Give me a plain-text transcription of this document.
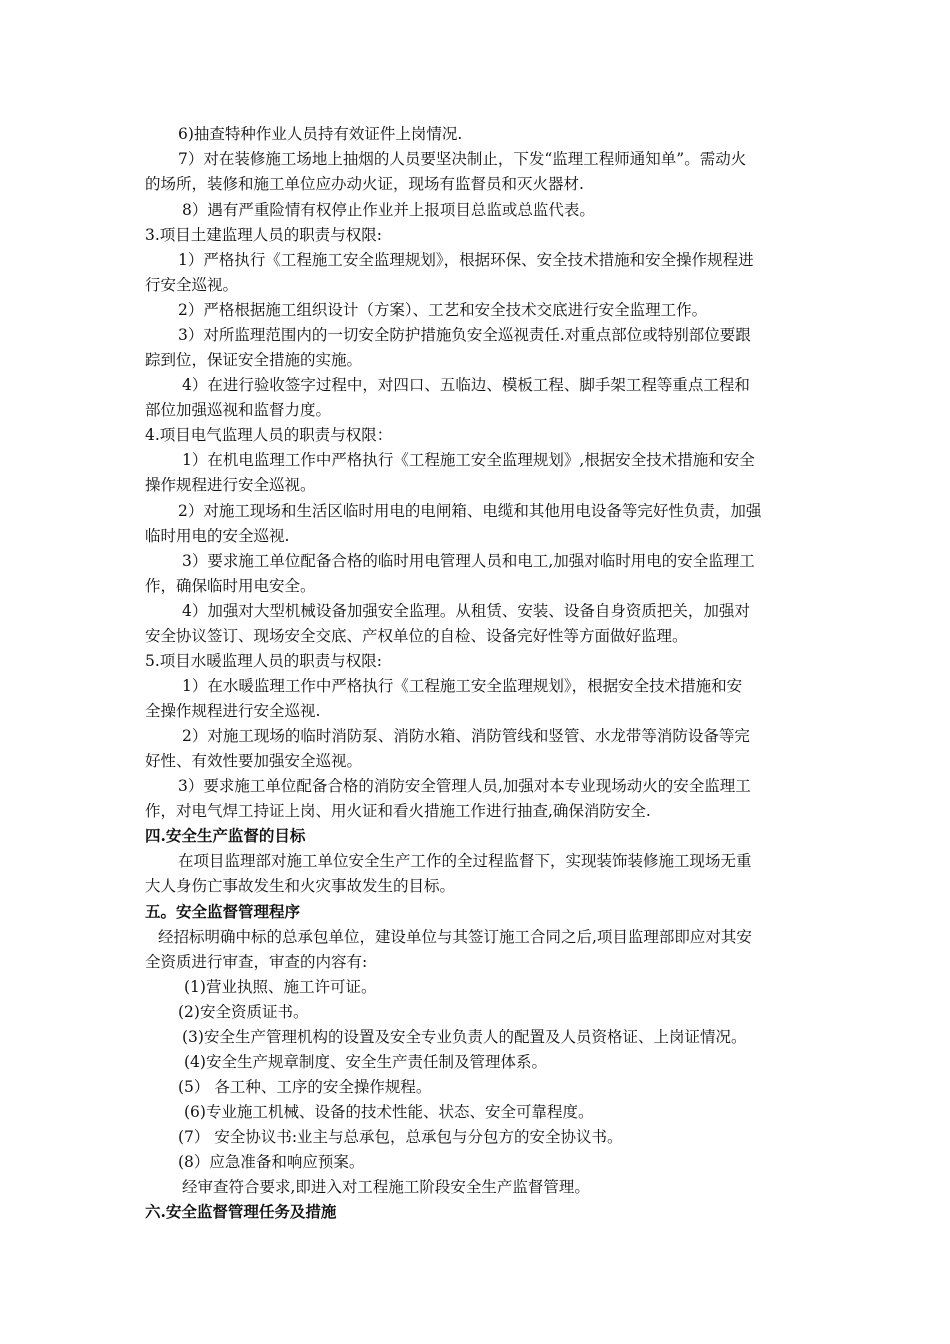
6)抽查特种作业人员持有效证件上岗情况.
7）对在装修施工场地上抽烟的人员要坚决制止，下发“监理工程师通知单”。需动火
的场所，装修和施工单位应办动火证，现场有监督员和灭火器材.
8）遇有严重险情有权停止作业并上报项目总监或总监代表。
3.项目土建监理人员的职责与权限:
1）严格执行《工程施工安全监理规划》，根据环保、安全技术措施和安全操作规程进
行安全巡视。
2）严格根据施工组织设计（方案）、工艺和安全技术交底进行安全监理工作。
3）对所监理范围内的一切安全防护措施负安全巡视责任.对重点部位或特别部位要跟
踪到位，保证安全措施的实施。
4）在进行验收签字过程中，对四口、五临边、模板工程、脚手架工程等重点工程和
部位加强巡视和监督力度。
4.项目电气监理人员的职责与权限：
1）在机电监理工作中严格执行《工程施工安全监理规划》,根据安全技术措施和安全
操作规程进行安全巡视。
2）对施工现场和生活区临时用电的电闸箱、电缆和其他用电设备等完好性负责，加强
临时用电的安全巡视.
3）要求施工单位配备合格的临时用电管理人员和电工,加强对临时用电的安全监理工
作，确保临时用电安全。
4）加强对大型机械设备加强安全监理。从租赁、安装、设备自身资质把关，加强对
安全协议签订、现场安全交底、产权单位的自检、设备完好性等方面做好监理。
5.项目水暖监理人员的职责与权限:
1）在水暖监理工作中严格执行《工程施工安全监理规划》，根据安全技术措施和安
全操作规程进行安全巡视.
2）对施工现场的临时消防泵、消防水箱、消防管线和竖管、水龙带等消防设备等完
好性、有效性要加强安全巡视。
3）要求施工单位配备合格的消防安全管理人员,加强对本专业现场动火的安全监理工
作，对电气焊工持证上岗、用火证和看火措施工作进行抽查,确保消防安全.
四.安全生产监督的目标
在项目监理部对施工单位安全生产工作的全过程监督下，实现装饰装修施工现场无重
大人身伤亡事故发生和火灾事故发生的目标。
五。安全监督管理程序
经招标明确中标的总承包单位，建设单位与其签订施工合同之后,项目监理部即应对其安
全资质进行审查，审查的内容有:
(1)营业执照、施工许可证。
(2)安全资质证书。
(3)安全生产管理机构的设置及安全专业负责人的配置及人员资格证、上岗证情况。
(4)安全生产规章制度、安全生产责任制及管理体系。
(5） 各工种、工序的安全操作规程。
(6)专业施工机械、设备的技术性能、状态、安全可靠程度。
(7） 安全协议书:业主与总承包，总承包与分包方的安全协议书。
(8）应急准备和响应预案。
经审查符合要求,即进入对工程施工阶段安全生产监督管理。
六.安全监督管理任务及措施
